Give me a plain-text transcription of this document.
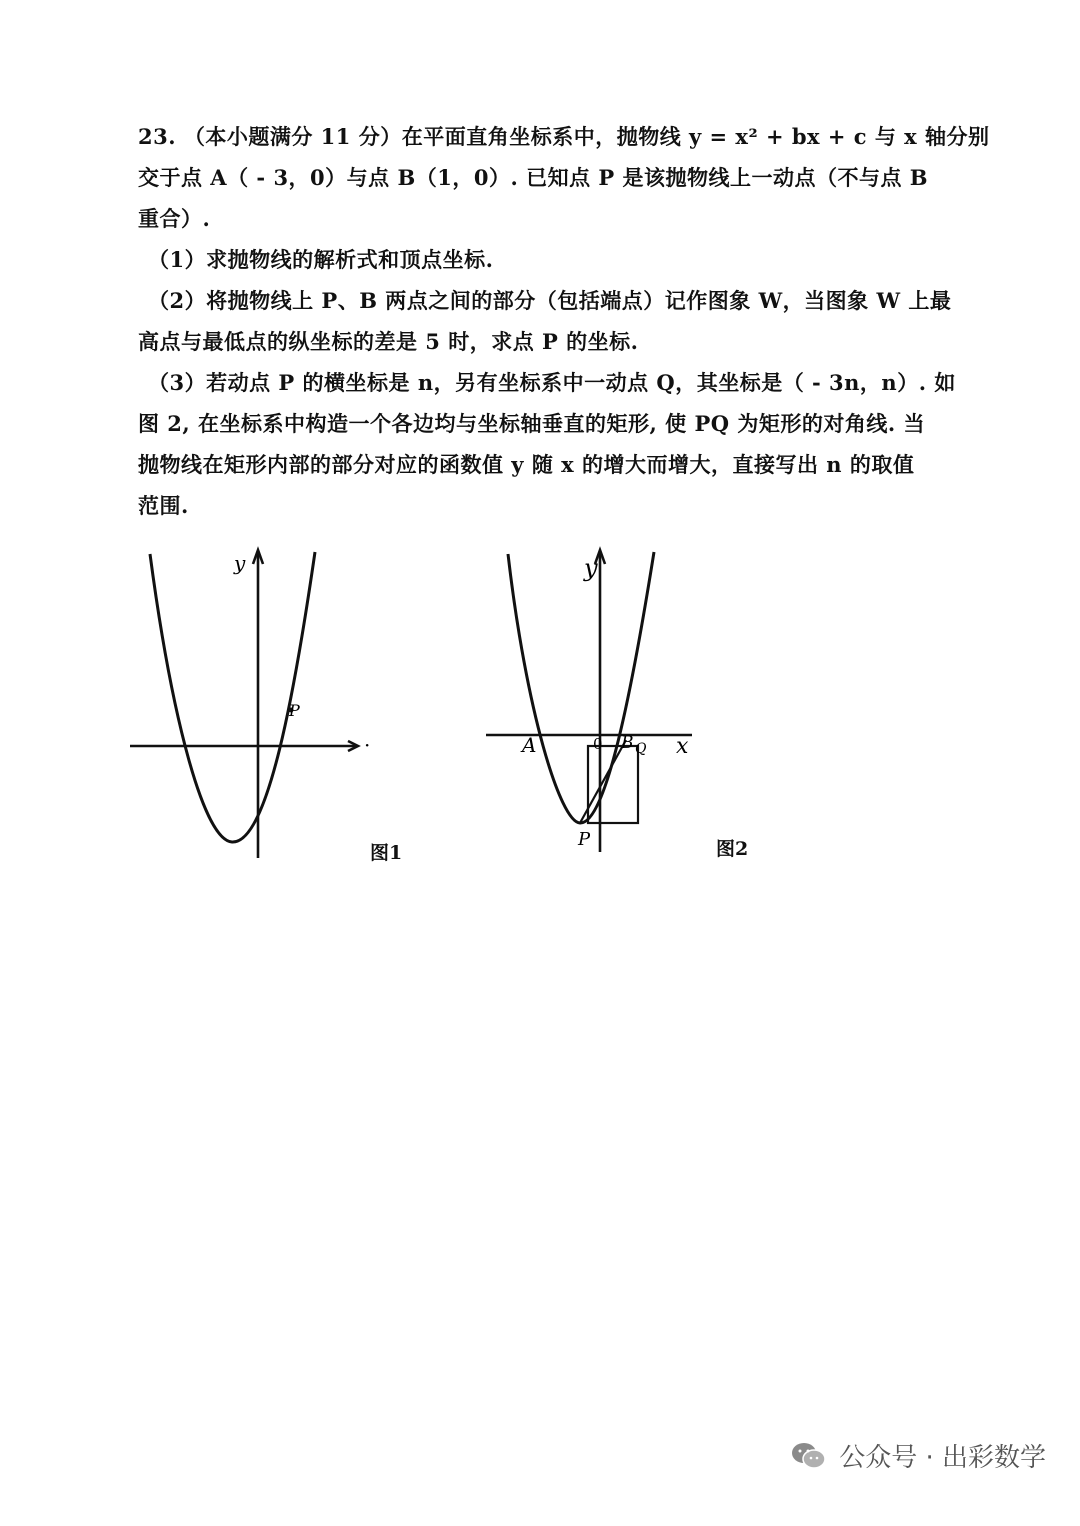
23. （本小题满分 11 分）在平面直角坐标系中，抛物线 y = x² + bx + c 与 x 轴分别
交于点 A（ - 3，0）与点 B（1，0）. 已知点 P 是该抛物线上一动点（不与点 B
重合）.
（1）求抛物线的解析式和顶点坐标.
（2）将抛物线上 P、B 两点之间的部分（包括端点）记作图象 W，当图象 W 上最
高点与最低点的纵坐标的差是 5 时，求点 P 的坐标.
（3）若动点 P 的横坐标是 n，另有坐标系中一动点 Q，其坐标是（ - 3n，n）. 如
图 2, 在坐标系中构造一个各边均与坐标轴垂直的矩形, 使 PQ 为矩形的对角线. 当
抛物线在矩形内部的部分对应的函数值 y 随 x 的增大而增大，直接写出 n 的取值
范围.
y
·
P
图1
y
x
A	0 B Q
P	图2
公众号 · 出彩数学
